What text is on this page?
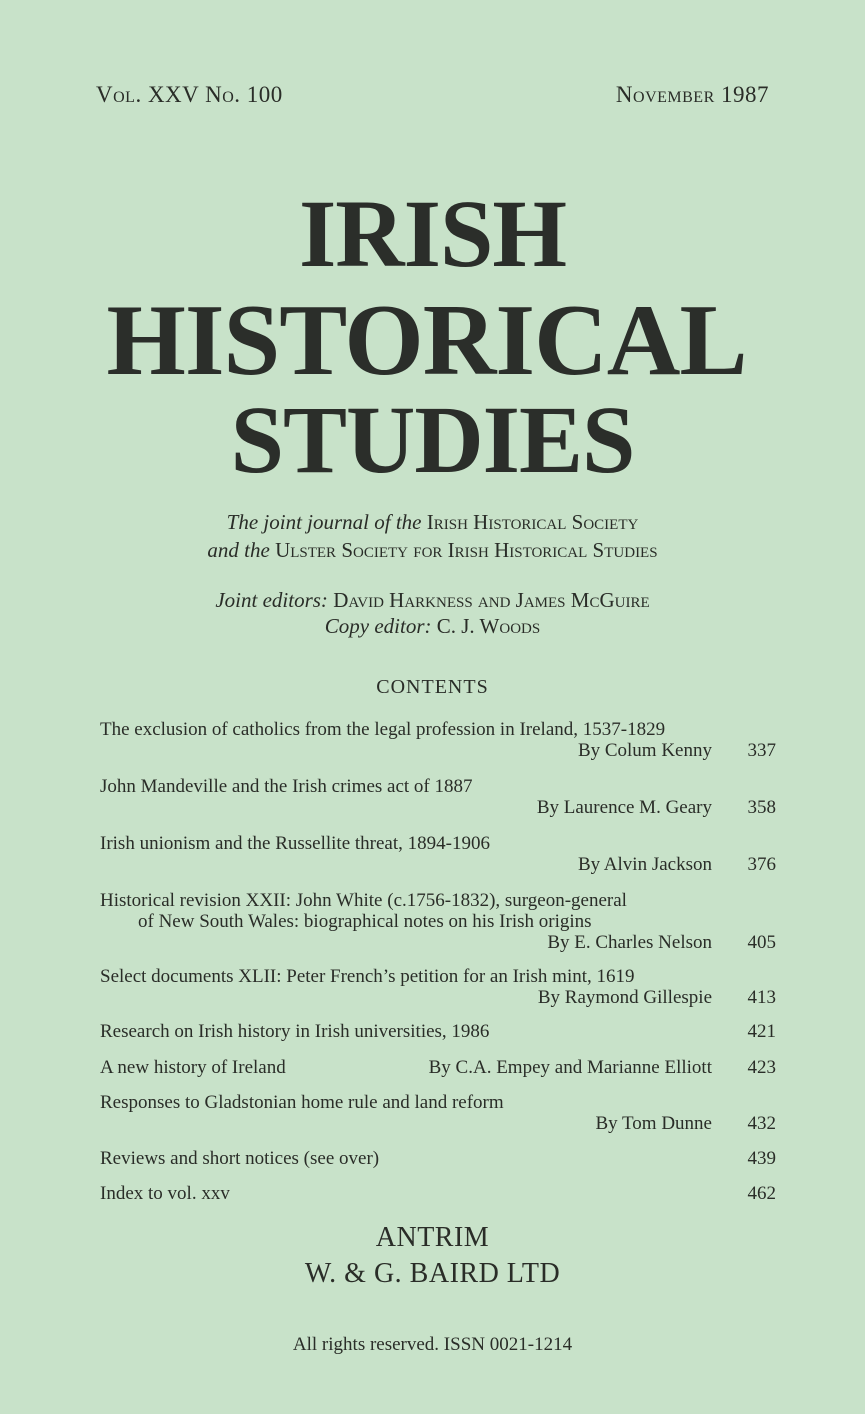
Vol. XXV No. 100	November 1987
IRISH
HISTORICAL
STUDIES
The joint journal of the Irish Historical Society
and the Ulster Society for Irish Historical Studies
Joint editors: David Harkness and James McGuire
Copy editor: C. J. Woods
CONTENTS
The exclusion of catholics from the legal profession in Ireland, 1537-1829
By Colum Kenny 337
John Mandeville and the Irish crimes act of 1887
By Laurence M. Geary 358
Irish unionism and the Russellite threat, 1894-1906
By Alvin Jackson 376
Historical revision XXII: John White (c.1756-1832), surgeon-general
of New South Wales: biographical notes on his Irish origins
By E. Charles Nelson 405
Select documents XLII: Peter French’s petition for an Irish mint, 1619
By Raymond Gillespie 413
Research on Irish history in Irish universities, 1986	421
A new history of Ireland	By C.A. Empey and Marianne Elliott 423
Responses to Gladstonian home rule and land reform
By Tom Dunne 432
Reviews and short notices (see over)	439
Index to vol. xxv	462
ANTRIM
W. & G. BAIRD LTD
All rights reserved. ISSN 0021-1214
